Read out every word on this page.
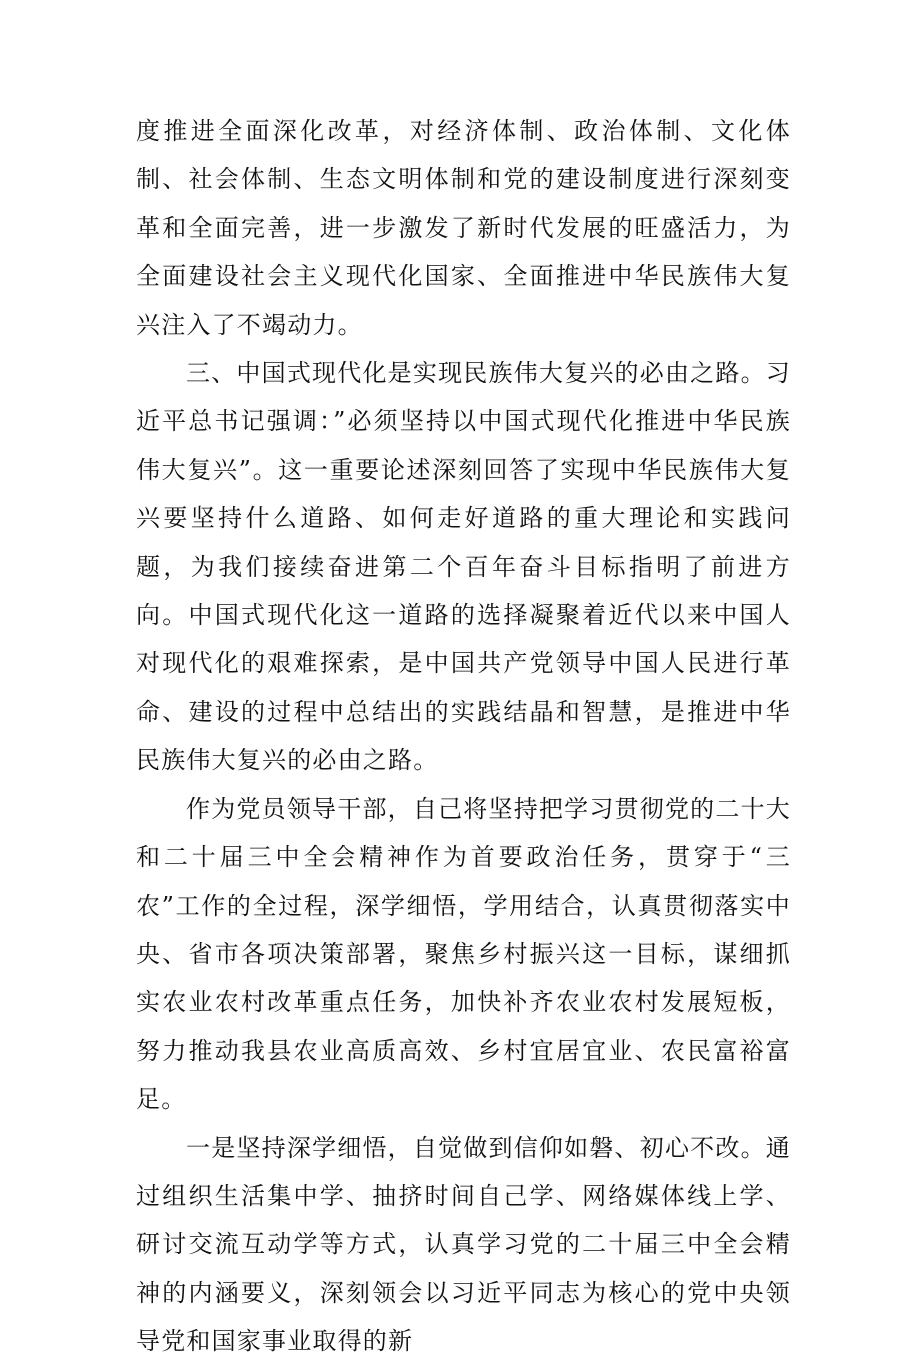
度推进全面深化改革，对经济体制、政治体制、文化体制、社会体制、生态文明体制和党的建设制度进行深刻变革和全面完善，进一步激发了新时代发展的旺盛活力，为全面建设社会主义现代化国家、全面推进中华民族伟大复兴注入了不竭动力。

三、中国式现代化是实现民族伟大复兴的必由之路。习近平总书记强调：”必须坚持以中国式现代化推进中华民族伟大复兴”。这一重要论述深刻回答了实现中华民族伟大复兴要坚持什么道路、如何走好道路的重大理论和实践问题，为我们接续奋进第二个百年奋斗目标指明了前进方向。中国式现代化这一道路的选择凝聚着近代以来中国人对现代化的艰难探索，是中国共产党领导中国人民进行革命、建设的过程中总结出的实践结晶和智慧，是推进中华民族伟大复兴的必由之路。

作为党员领导干部，自己将坚持把学习贯彻党的二十大和二十届三中全会精神作为首要政治任务，贯穿于“三农”工作的全过程，深学细悟，学用结合，认真贯彻落实中央、省市各项决策部署，聚焦乡村振兴这一目标，谋细抓实农业农村改革重点任务，加快补齐农业农村发展短板，努力推动我县农业高质高效、乡村宜居宜业、农民富裕富足。

一是坚持深学细悟，自觉做到信仰如磐、初心不改。通过组织生活集中学、抽挤时间自己学、网络媒体线上学、研讨交流互动学等方式，认真学习党的二十届三中全会精神的内涵要义，深刻领会以习近平同志为核心的党中央领导党和国家事业取得的新
